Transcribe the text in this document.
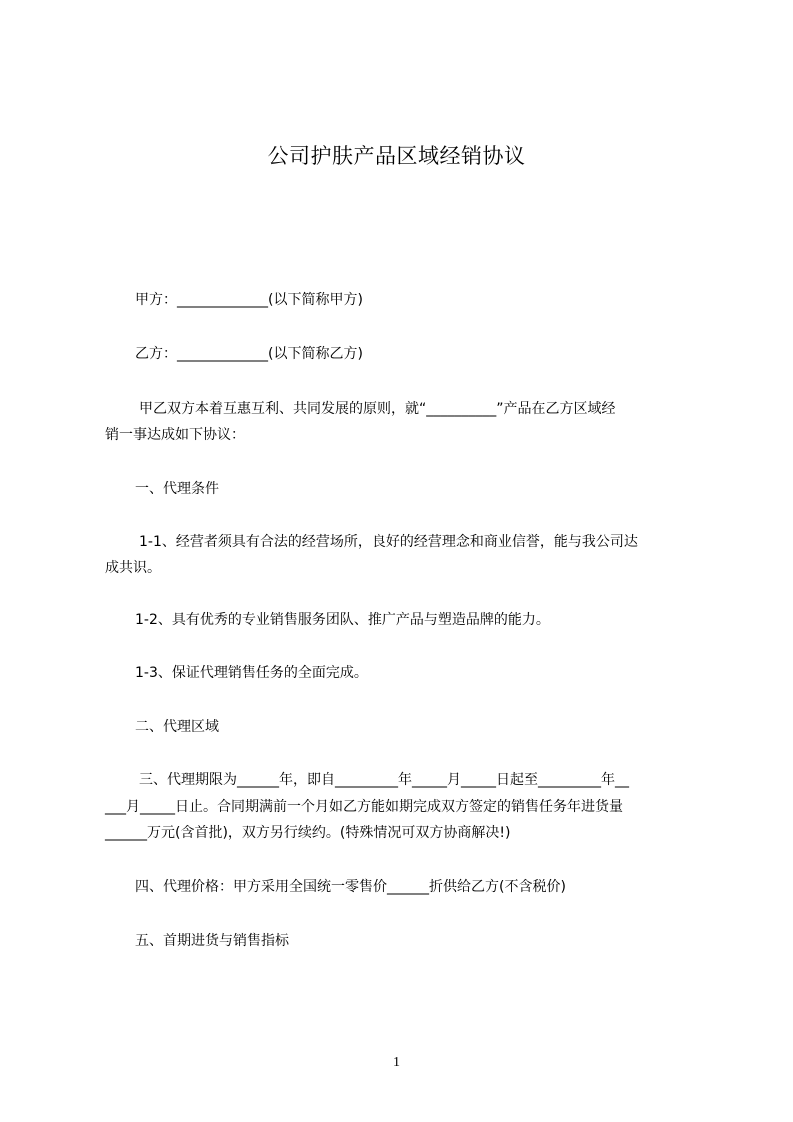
公司护肤产品区域经销协议
甲方：_____________(以下简称甲方)
乙方：_____________(以下简称乙方)
甲乙双方本着互惠互利、共同发展的原则，就“__________”产品在乙方区域经
销一事达成如下协议：
一、代理条件
1-1、经营者须具有合法的经营场所，良好的经营理念和商业信誉，能与我公司达
成共识。
1-2、具有优秀的专业销售服务团队、推广产品与塑造品牌的能力。
1-3、保证代理销售任务的全面完成。
二、代理区域
三、代理期限为______年，即自_________年_____月_____日起至_________年__
___月_____日止。合同期满前一个月如乙方能如期完成双方签定的销售任务年进货量
______万元(含首批)，双方另行续约。(特殊情况可双方协商解决!)
四、代理价格：甲方采用全国统一零售价______折供给乙方(不含税价)
五、首期进货与销售指标
1
